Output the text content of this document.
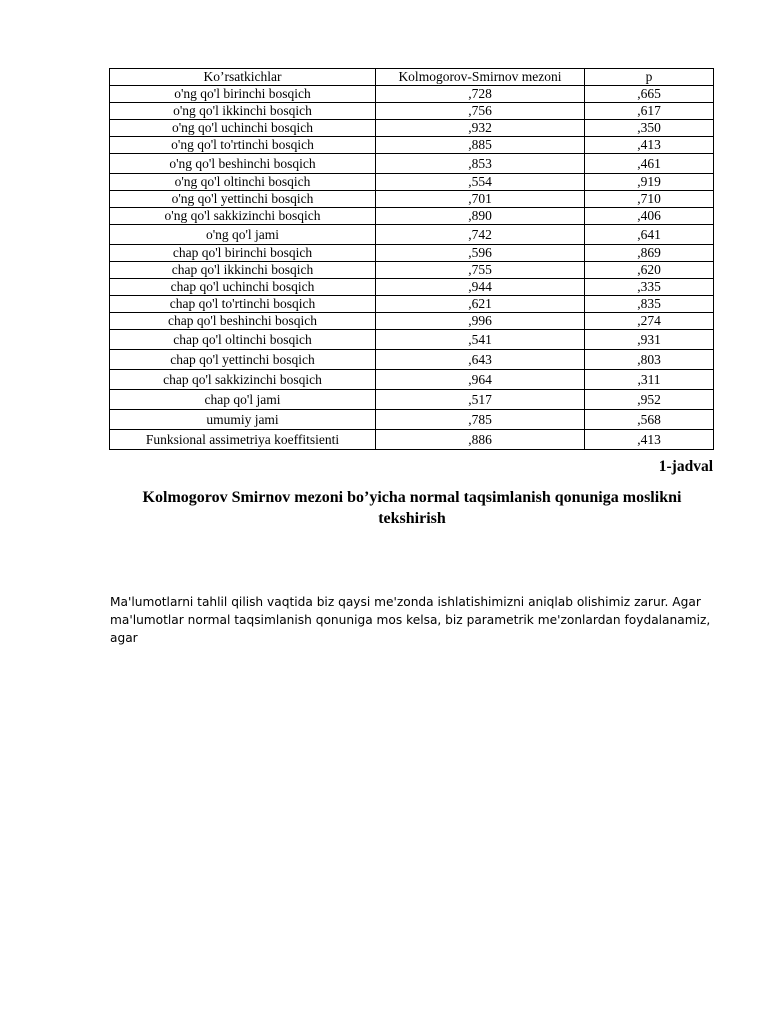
Ko’rsatkichlar	Kolmogorov-Smirnov mezoni	p
o'ng qo'l birinchi bosqich	,728	,665
o'ng qo'l ikkinchi bosqich	,756	,617
o'ng qo'l uchinchi bosqich	,932	,350
o'ng qo'l to'rtinchi bosqich	,885	,413
o'ng qo'l beshinchi bosqich	,853	,461
o'ng qo'l oltinchi bosqich	,554	,919
o'ng qo'l yettinchi bosqich	,701	,710
o'ng qo'l sakkizinchi bosqich	,890	,406
o'ng qo'l jami	,742	,641
chap qo'l birinchi bosqich	,596	,869
chap qo'l ikkinchi bosqich	,755	,620
chap qo'l uchinchi bosqich	,944	,335
chap qo'l to'rtinchi bosqich	,621	,835
chap qo'l beshinchi bosqich	,996	,274
chap qo'l oltinchi bosqich	,541	,931
chap qo'l yettinchi bosqich	,643	,803
chap qo'l sakkizinchi bosqich	,964	,311
chap qo'l jami	,517	,952
umumiy jami	,785	,568
Funksional assimetriya koeffitsienti	,886	,413
1-jadval
Kolmogorov Smirnov mezoni bo’yicha normal taqsimlanish qonuniga moslikni tekshirish
Ma'lumotlarni tahlil qilish vaqtida biz qaysi me'zonda ishlatishimizni aniqlab olishimiz zarur. Agar
ma'lumotlar normal taqsimlanish qonuniga mos kelsa, biz parametrik me'zonlardan foydalanamiz, agar
